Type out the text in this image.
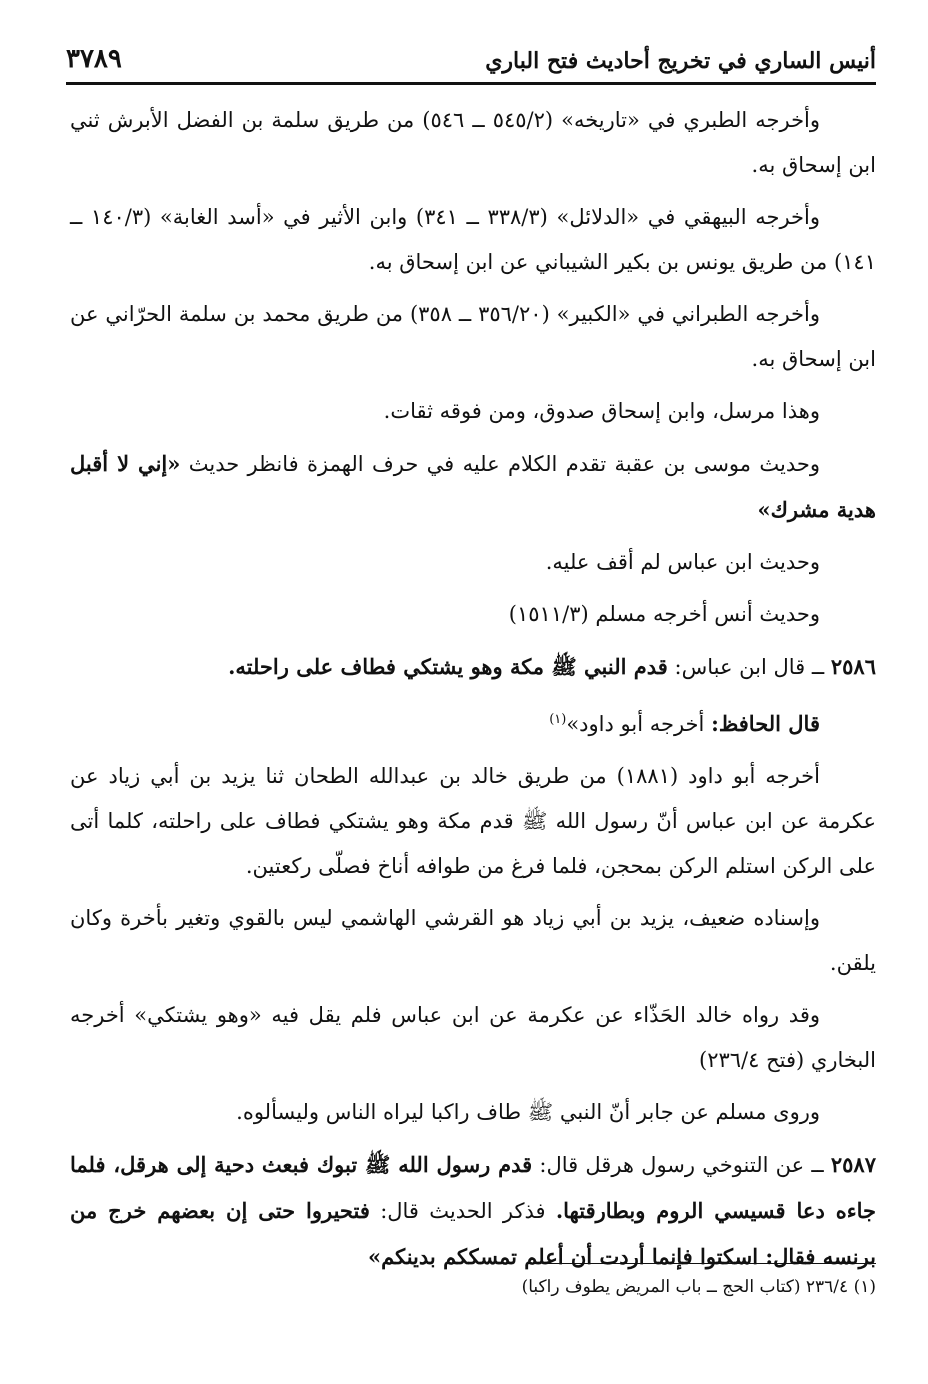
٣٧٨٩	أنيس الساري في تخريج أحاديث فتح الباري

وأخرجه الطبري في «تاريخه» (٥٤٥/٢ ــ ٥٤٦) من طريق سلمة بن الفضل الأبرش ثني ابن إسحاق به.

وأخرجه البيهقي في «الدلائل» (٣٣٨/٣ ــ ٣٤١) وابن الأثير في «أسد الغابة» (١٤٠/٣ ــ ١٤١) من طريق يونس بن بكير الشيباني عن ابن إسحاق به.

وأخرجه الطبراني في «الكبير» (٣٥٦/٢٠ ــ ٣٥٨) من طريق محمد بن سلمة الحرّاني عن ابن إسحاق به.

وهذا مرسل، وابن إسحاق صدوق، ومن فوقه ثقات.

وحديث موسى بن عقبة تقدم الكلام عليه في حرف الهمزة فانظر حديث «إني لا أقبل هدية مشرك»

وحديث ابن عباس لم أقف عليه.

وحديث أنس أخرجه مسلم (١٥١١/٣)

٢٥٨٦ ــ قال ابن عباس: قدم النبي ﷺ مكة وهو يشتكي فطاف على راحلته.

قال الحافظ: أخرجه أبو داود»$^{(١)}$

أخرجه أبو داود (١٨٨١) من طريق خالد بن عبدالله الطحان ثنا يزيد بن أبي زياد عن عكرمة عن ابن عباس أنّ رسول الله ﷺ قدم مكة وهو يشتكي فطاف على راحلته، كلما أتى على الركن استلم الركن بمحجن، فلما فرغ من طوافه أناخ فصلّى ركعتين.

وإسناده ضعيف، يزيد بن أبي زياد هو القرشي الهاشمي ليس بالقوي وتغير بأخرة وكان يلقن.

وقد رواه خالد الحَذّاء عن عكرمة عن ابن عباس فلم يقل فيه «وهو يشتكي» أخرجه البخاري (فتح ٢٣٦/٤)

وروى مسلم عن جابر أنّ النبي ﷺ طاف راكبا ليراه الناس وليسألوه.

٢٥٨٧ ــ عن التنوخي رسول هرقل قال: قدم رسول الله ﷺ تبوك فبعث دحية إلى هرقل، فلما جاءه دعا قسيسي الروم وبطارقتها. فذكر الحديث قال: فتحيروا حتى إن بعضهم خرج من برنسه فقال: اسكتوا فإنما أردت أن أعلم تمسككم بدينكم»

(١) ٢٣٦/٤ (كتاب الحج ــ باب المريض يطوف راكبا)
